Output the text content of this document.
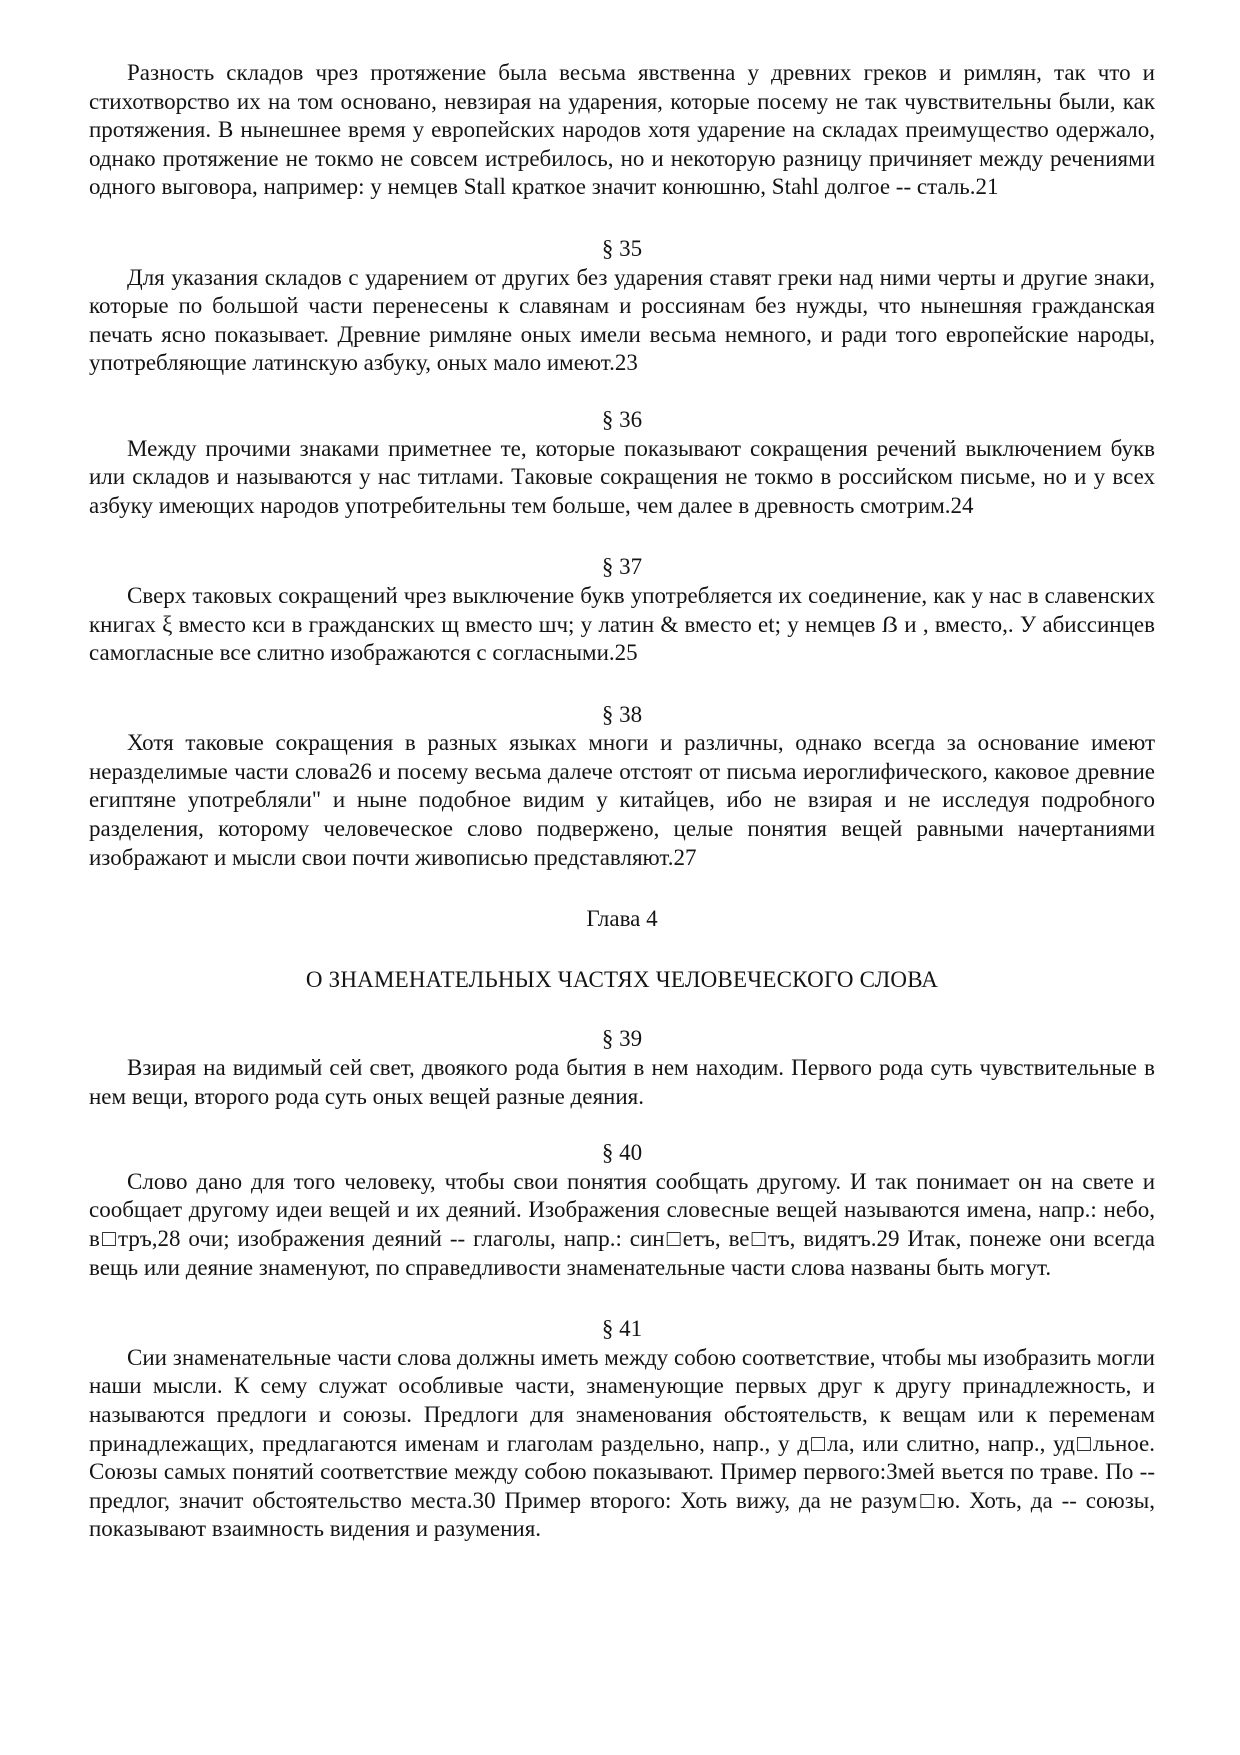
Разность складов чрез протяжение была весьма явственна у древних греков и римлян, так что и стихотворство их на том основано, невзирая на ударения, которые посему не так чувствительны были, как протяжения. В нынешнее время у европейских народов хотя ударение на складах преимущество одержало, однако протяжение не токмо не совсем истребилось, но и некоторую разницу причиняет между речениями одного выговора, например: у немцев Stall краткое значит конюшню, Stahl долгое -- сталь.21

§ 35

Для указания складов с ударением от других без ударения ставят греки над ними черты и другие знаки, которые по большой части перенесены к славянам и россиянам без нужды, что нынешняя гражданская печать ясно показывает. Древние римляне оных имели весьма немного, и ради того европейские народы, употребляющие латинскую азбуку, оных мало имеют.23

§ 36

Между прочими знаками приметнее те, которые показывают сокращения речений выключением букв или складов и называются у нас титлами. Таковые сокращения не токмо в российском письме, но и у всех азбуку имеющих народов употребительны тем больше, чем далее в древность смотрим.24

§ 37

Сверх таковых сокращений чрез выключение букв употребляется их соединение, как у нас в славенских книгах ξ вместо кси в гражданских щ вместо шч; у латин & вместо et; у немцев ẞ и , вместо,. У абиссинцев самогласные все слитно изображаются с согласными.25

§ 38

Хотя таковые сокращения в разных языках многи и различны, однако всегда за основание имеют неразделимые части слова26 и посему весьма далече отстоят от письма иероглифического, каковое древние египтяне употребляли" и ныне подобное видим у китайцев, ибо не взирая и не исследуя подробного разделения, которому человеческое слово подвержено, целые понятия вещей равными начертаниями изображают и мысли свои почти живописью представляют.27

Глава 4

О ЗНАМЕНАТЕЛЬНЫХ ЧАСТЯХ ЧЕЛОВЕЧЕСКОГО СЛОВА

§ 39

Взирая на видимый сей свет, двоякого рода бытия в нем находим. Первого рода суть чувствительные в нем вещи, второго рода суть оных вещей разные деяния.

§ 40

Слово дано для того человеку, чтобы свои понятия сообщать другому. И так понимает он на свете и сообщает другому идеи вещей и их деяний. Изображения словесные вещей называются имена, напр.: небо, в□тръ,28 очи; изображения деяний -- глаголы, напр.: син□етъ, ве□тъ, видятъ.29 Итак, понеже они всегда вещь или деяние знаменуют, по справедливости знаменательные части слова названы быть могут.

§ 41

Сии знаменательные части слова должны иметь между собою соответствие, чтобы мы изобразить могли наши мысли. К сему служат особливые части, знаменующие первых друг к другу принадлежность, и называются предлоги и союзы. Предлоги для знаменования обстоятельств, к вещам или к переменам принадлежащих, предлагаются именам и глаголам раздельно, напр., у д□ла, или слитно, напр., уд□льное. Союзы самых понятий соответствие между собою показывают. Пример первого:Змей вьется по траве. По -- предлог, значит обстоятельство места.30 Пример второго: Хоть вижу, да не разум□ю. Хоть, да -- союзы, показывают взаимность видения и разумения.
